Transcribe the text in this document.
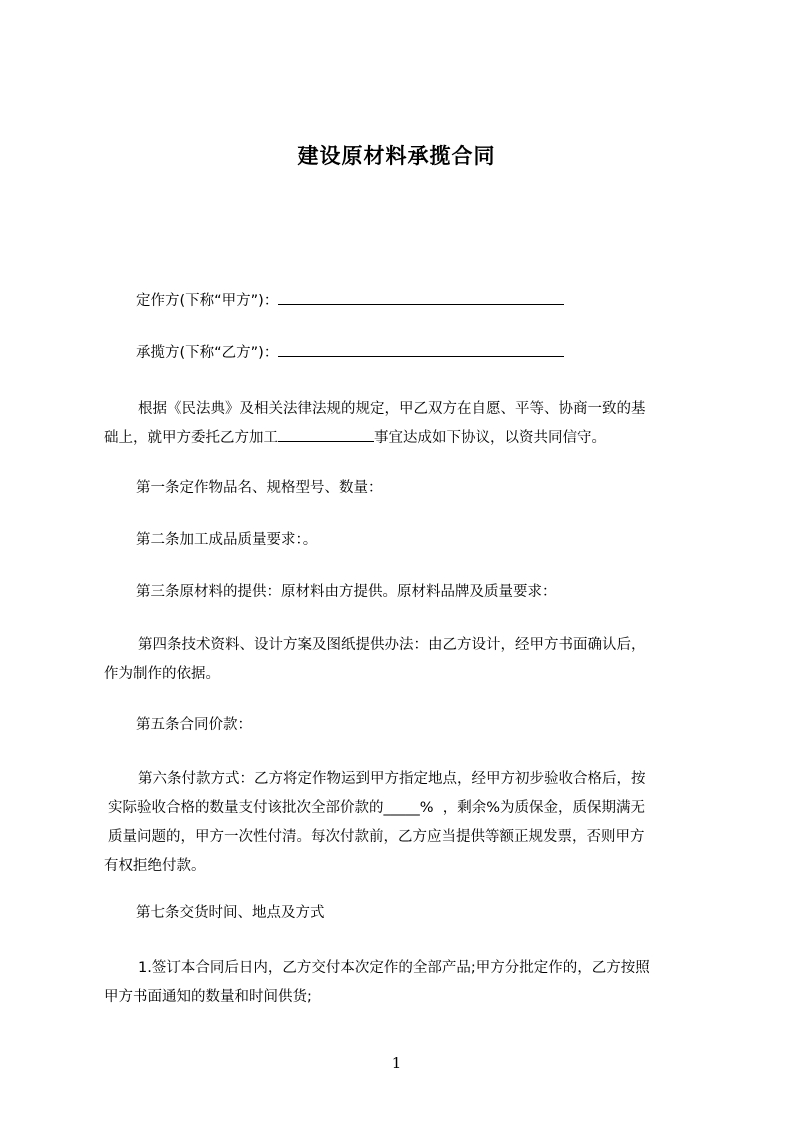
建设原材料承揽合同
定作方(下称“甲方”)：
承揽方(下称“乙方”)：
根据《民法典》及相关法律法规的规定，甲乙双方在自愿、平等、协商一致的基
础上，就甲方委托乙方加工	事宜达成如下协议，以资共同信守。
第一条定作物品名、规格型号、数量：
第二条加工成品质量要求：。
第三条原材料的提供：原材料由方提供。原材料品牌及质量要求：
第四条技术资料、设计方案及图纸提供办法：由乙方设计，经甲方书面确认后，
作为制作的依据。
第五条合同价款：
第六条付款方式：乙方将定作物运到甲方指定地点，经甲方初步验收合格后，按
实际验收合格的数量支付该批次全部价款的_____%  ，剩余%为质保金，质保期满无
质量问题的，甲方一次性付清。每次付款前，乙方应当提供等额正规发票，否则甲方
有权拒绝付款。
第七条交货时间、地点及方式
1.签订本合同后日内，乙方交付本次定作的全部产品;甲方分批定作的，乙方按照
甲方书面通知的数量和时间供货;
1
